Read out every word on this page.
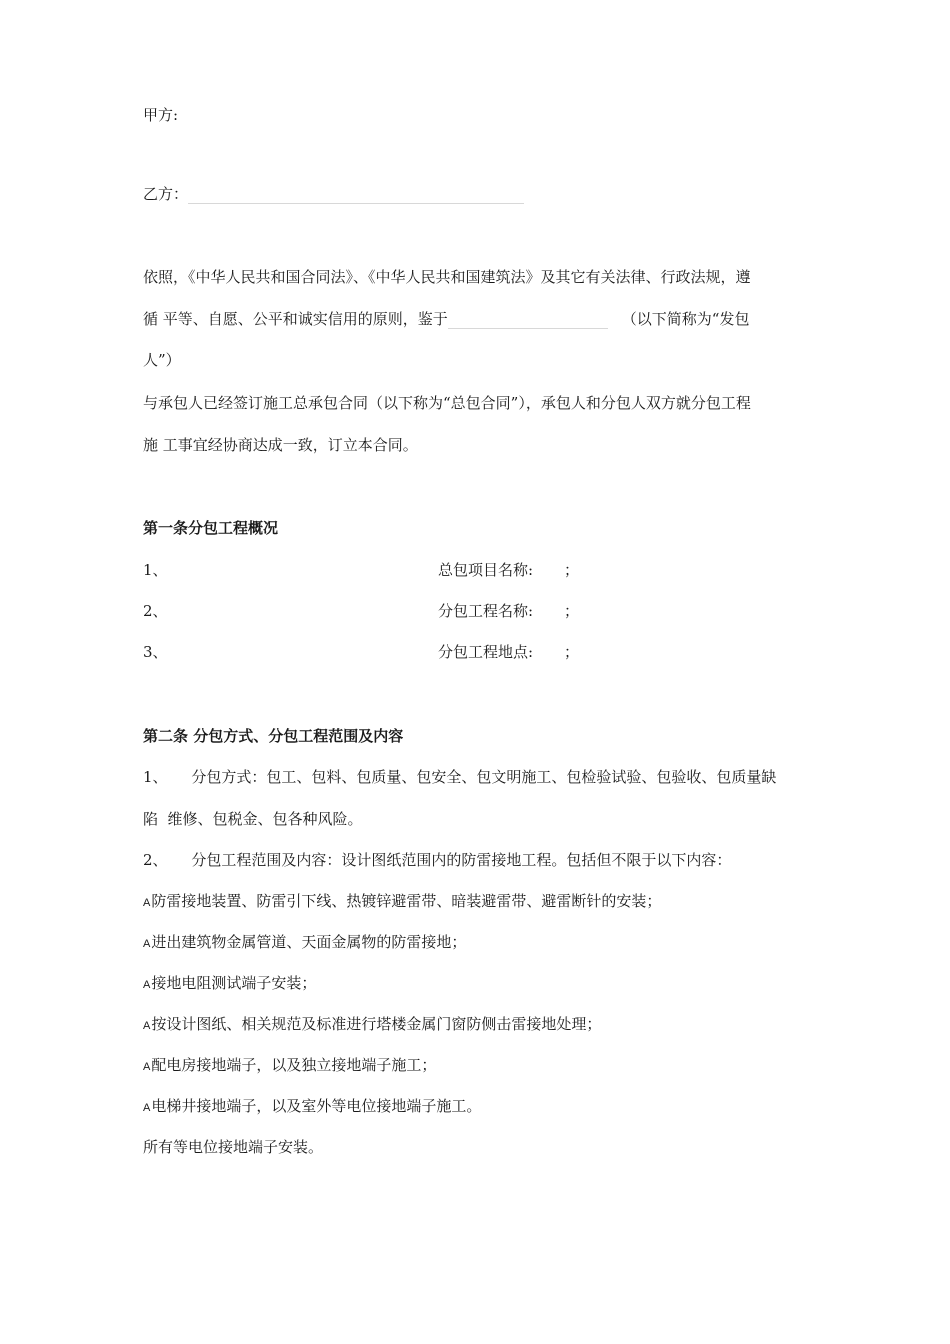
甲方:
乙方：
依照，《中华人民共和国合同法》、《中华人民共和国建筑法》及其它有关法律、行政法规，遵
循 平等、自愿、公平和诚实信用的原则，鉴于	（以下简称为“发包
人”）
与承包人已经签订施工总承包合同（以下称为“总包合同”），承包人和分包人双方就分包工程
施 工事宜经协商达成一致，订立本合同。
第一条分包工程概况
1、	总包项目名称: ；
2、	分包工程名称: ；
3、	分包工程地点: ；
第二条 分包方式、分包工程范围及内容
1、     分包方式：包工、包料、包质量、包安全、包文明施工、包检验试验、包验收、包质量缺
陷  维修、包税金、包各种风险。
2、     分包工程范围及内容：设计图纸范围内的防雷接地工程。包括但不限于以下内容：
A防雷接地装置、防雷引下线、热镀锌避雷带、暗装避雷带、避雷断针的安装；
A进出建筑物金属管道、天面金属物的防雷接地；
A接地电阻测试端子安装；
A按设计图纸、相关规范及标准进行塔楼金属门窗防侧击雷接地处理；
A配电房接地端子，以及独立接地端子施工；
A电梯井接地端子，以及室外等电位接地端子施工。
所有等电位接地端子安装。
